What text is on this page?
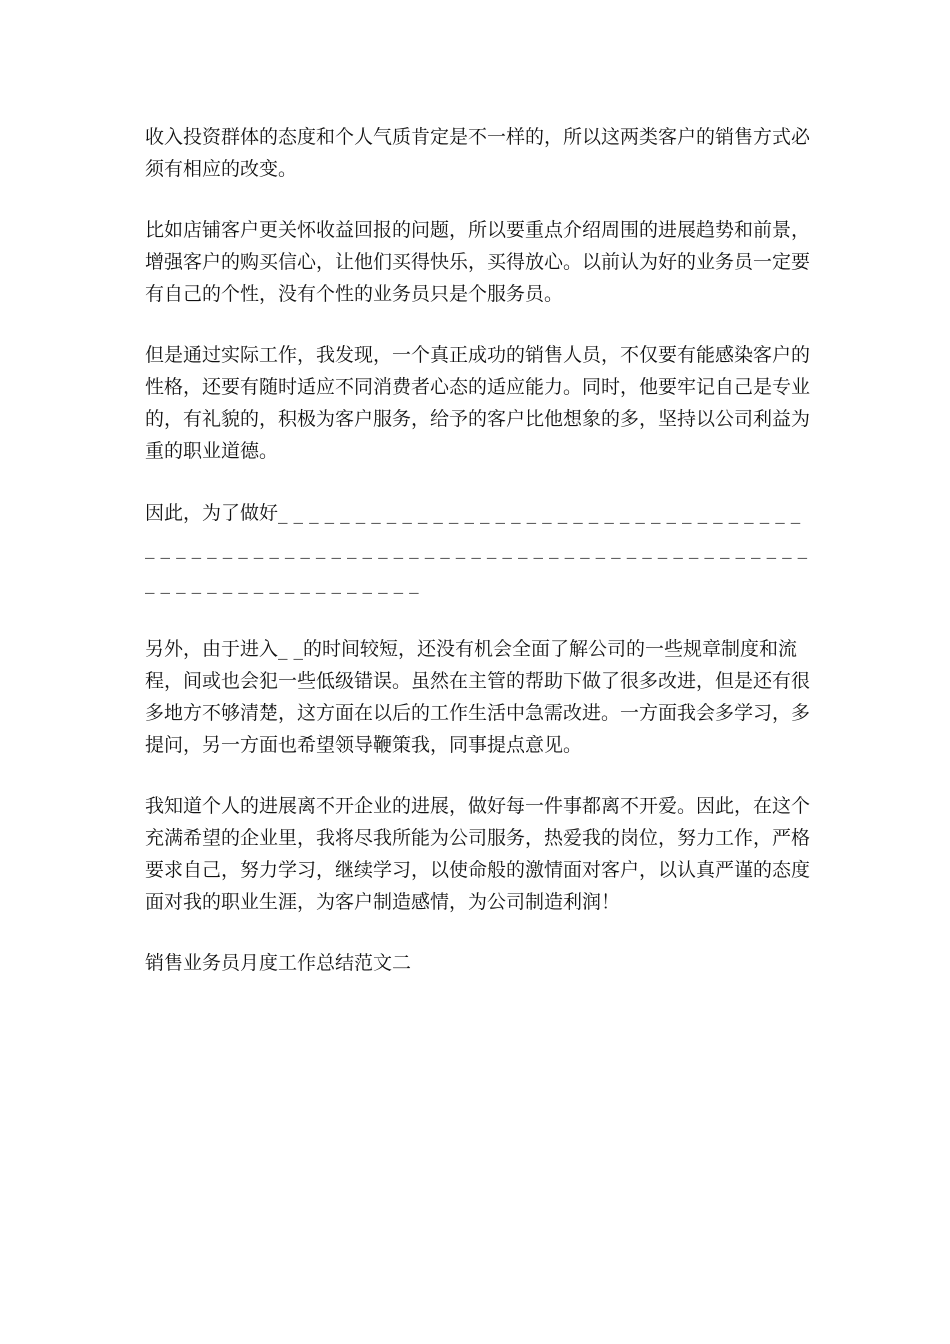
收入投资群体的态度和个人气质肯定是不一样的，所以这两类客户的销售方式必须有相应的改变。

比如店铺客户更关怀收益回报的问题，所以要重点介绍周围的进展趋势和前景，增强客户的购买信心，让他们买得快乐，买得放心。以前认为好的业务员一定要有自己的个性，没有个性的业务员只是个服务员。

但是通过实际工作，我发现，一个真正成功的销售人员，不仅要有能感染客户的性格，还要有随时适应不同消费者心态的适应能力。同时，他要牢记自己是专业的，有礼貌的，积极为客户服务，给予的客户比他想象的多，坚持以公司利益为重的职业道德。

因此，为了做好_ _ _ _ _ _ _ _ _ _ _ _ _ _ _ _ _ _ _ _ _ _ _ _ _ _ _ _ _ _ _ _ _ _ _ _ _ _ _ _ _ _ _ _ _ _ _ _ _ _ _ _ _ _ _ _ _ _ _ _ _ _ _ _ _ _ _ _ _ _ _ _ _ _ _ _ _ _ _ _ _ _ _ _ _ _ _ _ _ _ _ _ _ _ _

另外，由于进入_ _的时间较短，还没有机会全面了解公司的一些规章制度和流程，间或也会犯一些低级错误。虽然在主管的帮助下做了很多改进，但是还有很多地方不够清楚，这方面在以后的工作生活中急需改进。一方面我会多学习，多提问，另一方面也希望领导鞭策我，同事提点意见。

我知道个人的进展离不开企业的进展，做好每一件事都离不开爱。因此，在这个充满希望的企业里，我将尽我所能为公司服务，热爱我的岗位，努力工作，严格要求自己，努力学习，继续学习，以使命般的激情面对客户，以认真严谨的态度面对我的职业生涯，为客户制造感情，为公司制造利润！

销售业务员月度工作总结范文二
